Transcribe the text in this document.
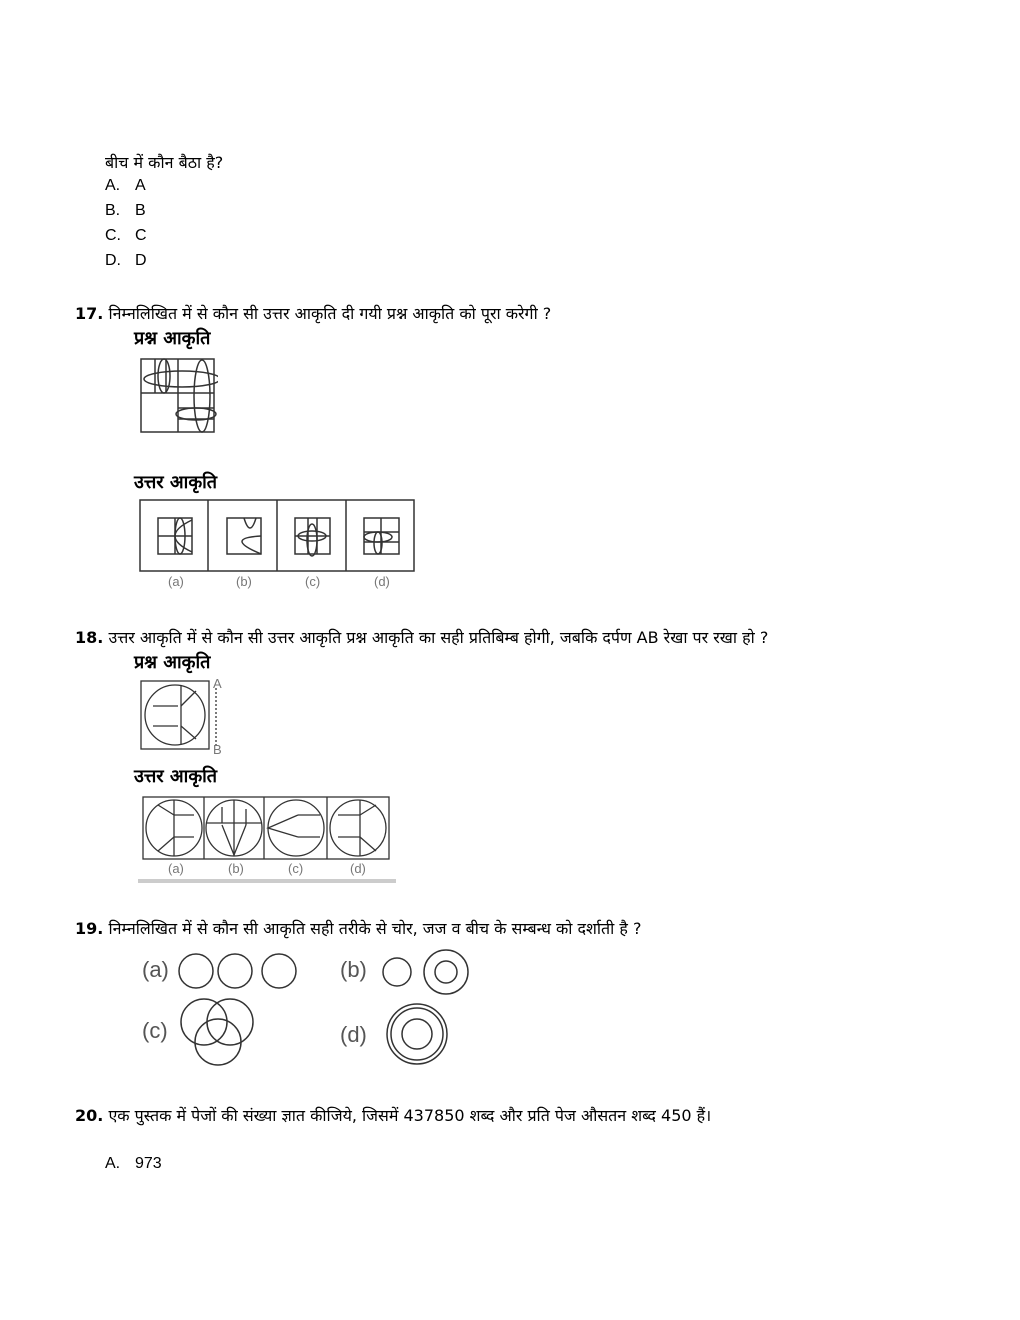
बीच में कौन बैठा है?
A. A
B. B
C. C
D. D
17. निम्नलिखित में से कौन सी उत्तर आकृति दी गयी प्रश्न आकृति को पूरा करेगी ?
प्रश्न आकृति
उत्तर आकृति
(a)	(b)	(c)	(d)
18. उत्तर आकृति में से कौन सी उत्तर आकृति प्रश्न आकृति का सही प्रतिबिम्ब होगी, जबकि दर्पण AB रेखा पर रखा हो ?
प्रश्न आकृति
A
B
उत्तर आकृति
(a)	(b)	(c)	(d)
19. निम्नलिखित में से कौन सी आकृति सही तरीके से चोर, जज व बीच के सम्बन्ध को दर्शाती है ?
(a)	(b)
(c)	(d)
20. एक पुस्तक में पेजों की संख्या ज्ञात कीजिये, जिसमें 437850 शब्द और प्रति पेज औसतन शब्द 450 हैं।
A. 973
